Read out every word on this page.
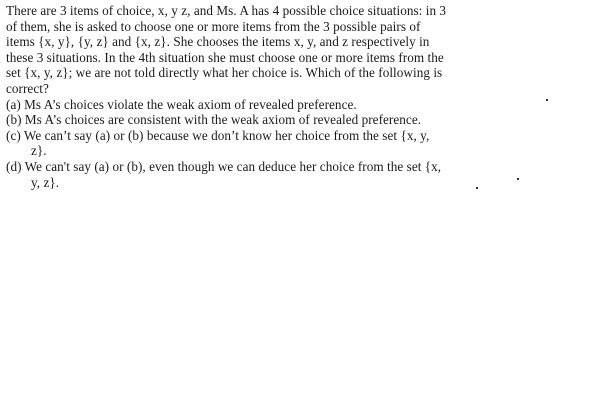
There are 3 items of choice, x, y z, and Ms. A has 4 possible choice situations: in 3
of them, she is asked to choose one or more items from the 3 possible pairs of
items {x, y}, {y, z} and {x, z}. She chooses the items x, y, and z respectively in
these 3 situations. In the 4th situation she must choose one or more items from the
set {x, y, z}; we are not told directly what her choice is. Which of the following is
correct?

(a) Ms A’s choices violate the weak axiom of revealed preference.
(b) Ms A’s choices are consistent with the weak axiom of revealed preference.
(c) We can’t say (a) or (b) because we don’t know her choice from the set {x, y,
z}.
(d) We can't say (a) or (b), even though we can deduce her choice from the set {x,
y, z}.
